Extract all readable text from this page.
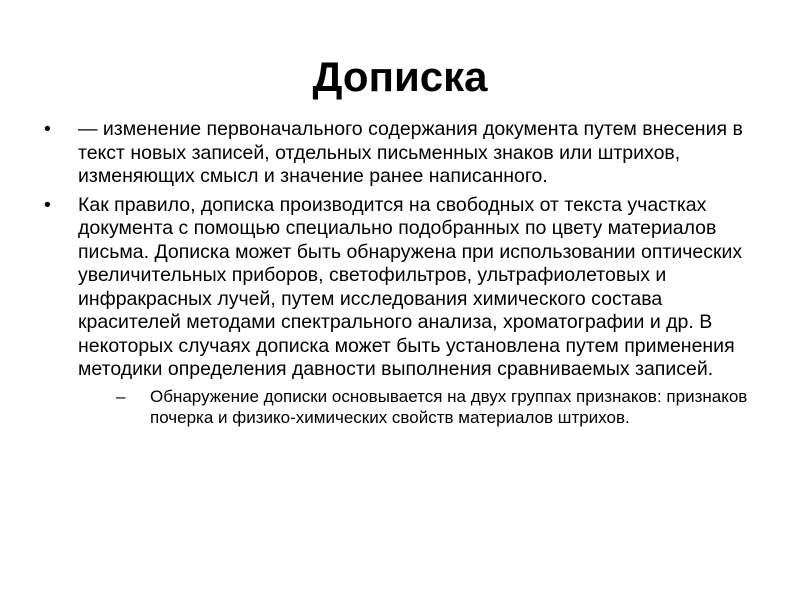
Дописка
•	— изменение первоначального содержания документа путем внесения в текст новых записей, отдельных письменных знаков или штрихов, изменяющих смысл и значение ранее написанного.
•	Как правило, дописка производится на свободных от текста участках документа с помощью специально подобранных по цвету материалов письма. Дописка может быть обнаружена при использовании оптических увеличительных приборов, светофильтров, ультрафиолетовых и инфракрасных лучей, путем исследования химического состава красителей методами спектрального анализа, хроматографии и др. В некоторых случаях дописка может быть установлена путем применения методики определения давности выполнения сравниваемых записей.
–	Обнаружение дописки основывается на двух группах признаков: признаков почерка и физико-химических свойств материалов штрихов.
